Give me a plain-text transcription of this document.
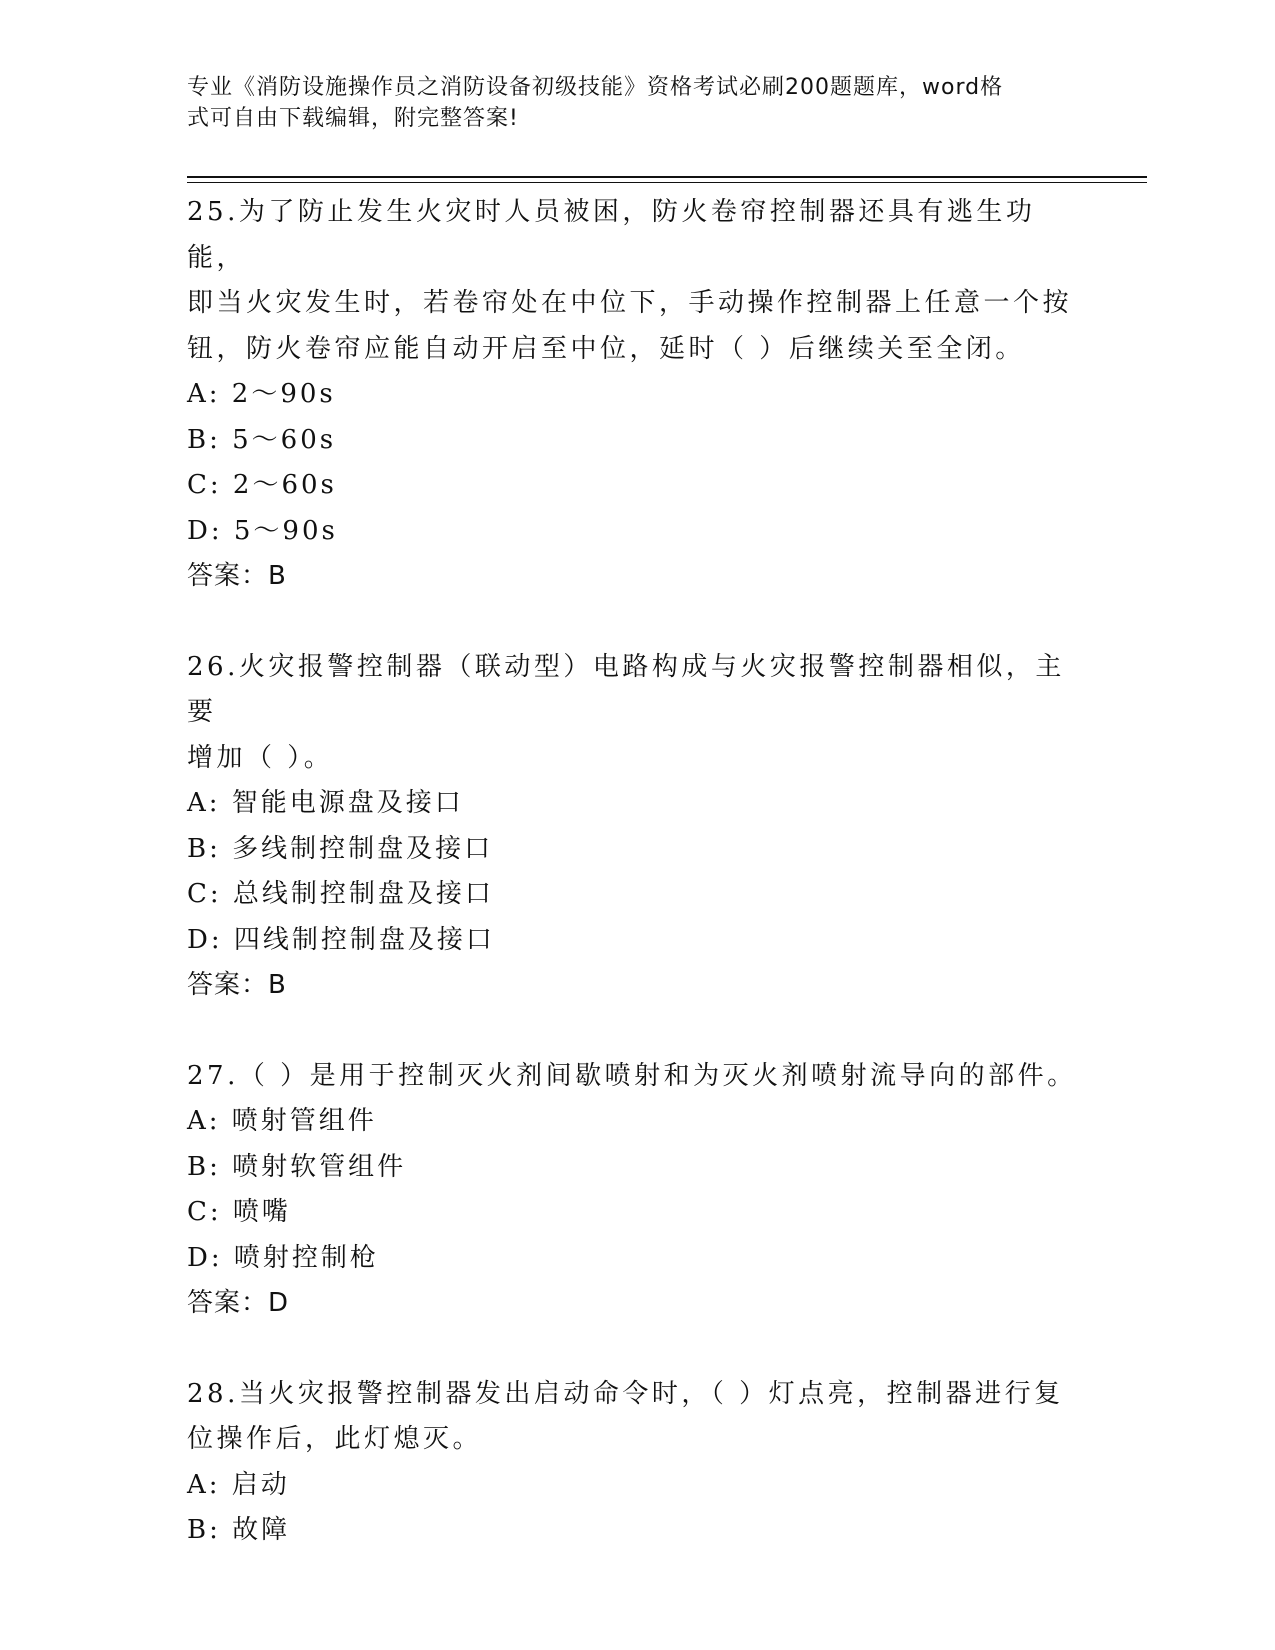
专业《消防设施操作员之消防设备初级技能》资格考试必刷200题题库，word格
式可自由下载编辑，附完整答案!
25.为了防止发生火灾时人员被困，防火卷帘控制器还具有逃生功能，
即当火灾发生时，若卷帘处在中位下，手动操作控制器上任意一个按
钮，防火卷帘应能自动开启至中位，延时（ ）后继续关至全闭。
A: 2～90s
B: 5～60s
C: 2～60s
D: 5～90s
答案：B
26.火灾报警控制器（联动型）电路构成与火灾报警控制器相似，主要
增加（ ）。
A: 智能电源盘及接口
B: 多线制控制盘及接口
C: 总线制控制盘及接口
D: 四线制控制盘及接口
答案：B
27.（ ）是用于控制灭火剂间歇喷射和为灭火剂喷射流导向的部件。
A: 喷射管组件
B: 喷射软管组件
C: 喷嘴
D: 喷射控制枪
答案：D
28.当火灾报警控制器发出启动命令时，（ ）灯点亮，控制器进行复
位操作后，此灯熄灭。
A: 启动
B: 故障
